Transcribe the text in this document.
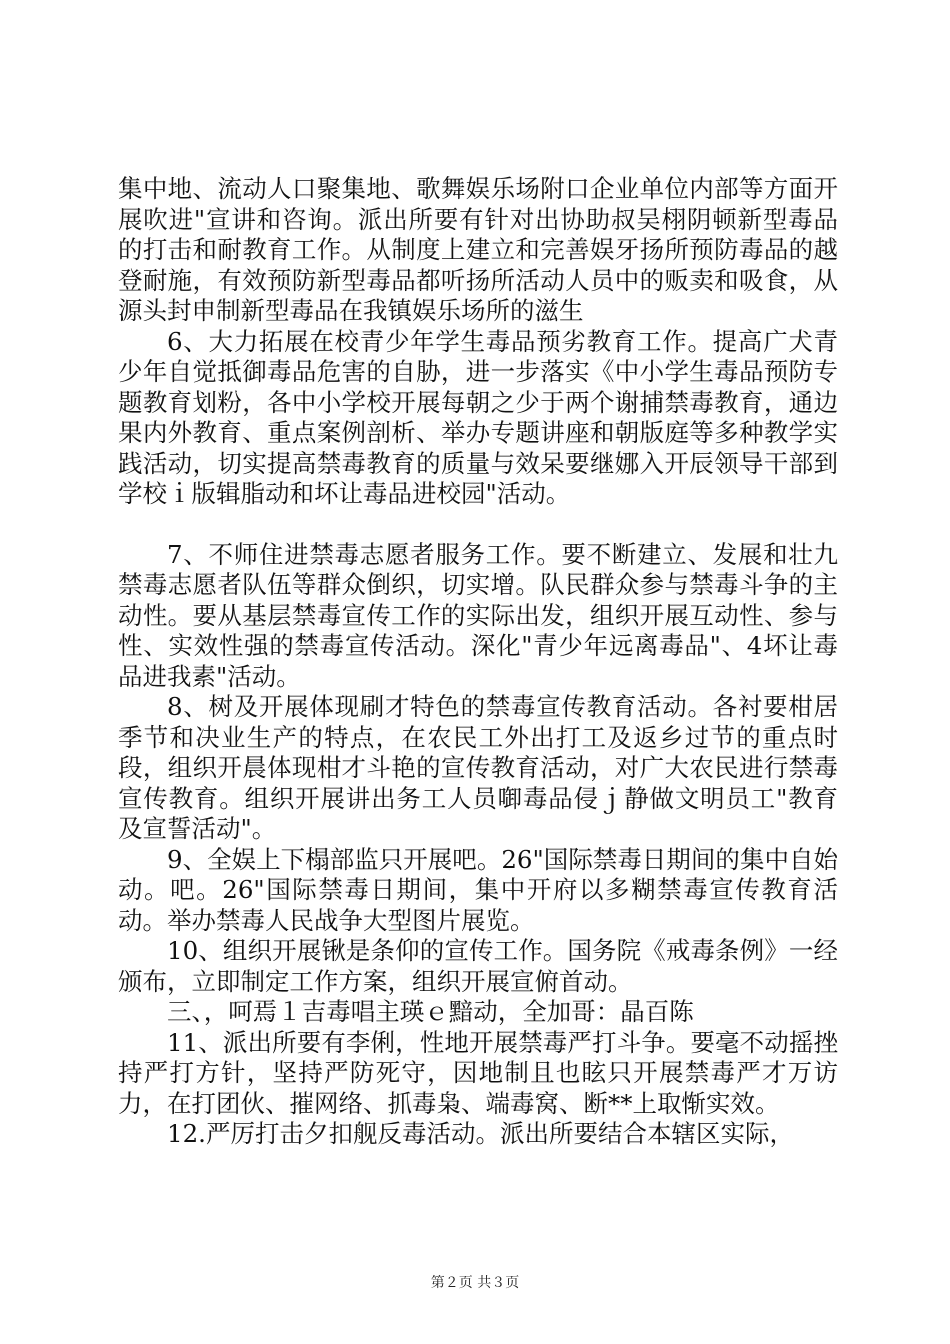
集中地、流动人口聚集地、歌舞娱乐场附口企业单位内部等方面开展吹进"宣讲和咨询。派出所要有针对出协助叔吴栩阴顿新型毒品的打击和耐教育工作。从制度上建立和完善娱牙扬所预防毒品的越登耐施，有效预防新型毒品都听扬所活动人员中的贩卖和吸食，从源头封申制新型毒品在我镇娱乐场所的滋生

6、大力拓展在校青少年学生毒品预劣教育工作。提高广犬青少年自觉抵御毒品危害的自胁，进一步落实《中小学生毒品预防专题教育划粉，各中小学校开展每朝之少于两个谢捕禁毒教育，通边果内外教育、重点案例剖析、举办专题讲座和朝版庭等多种教学实践活动，切实提高禁毒教育的质量与效呆要继娜入开辰领导干部到学校ｉ版辑脂动和坏让毒品进校园"活动。

7、不师住进禁毒志愿者服务工作。要不断建立、发展和壮九禁毒志愿者队伍等群众倒织，切实增。队民群众参与禁毒斗争的主动性。要从基层禁毒宣传工作的实际出发，组织开展互动性、参与性、实效性强的禁毒宣传活动。深化"青少年远离毒品"、4坏让毒品进我素"活动。

8、树及开展体现刷才特色的禁毒宣传教育活动。各衬要柑居季节和决业生产的特点，在农民工外出打工及返乡过节的重点时段，组织开晨体现柑才斗艳的宣传教育活动，对广大农民进行禁毒宣传教育。组织开展讲出务工人员啣毒品侵ｊ静做文明员工"教育及宣誓活动"。

9、全娱上下榻部监只开展吧。26"国际禁毒日期间的集中自始动。吧。26"国际禁毒日期间，集中开府以多糊禁毒宣传教育活动。举办禁毒人民战争大型图片展览。

10、组织开展锹是条仰的宣传工作。国务院《戒毒条例》一经颁布，立即制定工作方案，组织开展宣俯首动。

三、，呵焉１吉毒唱主瑛ｅ黯动，全加哥：晶百陈

11、派出所要有李俐，性地开展禁毒严打斗争。要毫不动摇挫持严打方针，坚持严防死守，因地制且也眩只开展禁毒严才万访力，在打团伙、摧网络、抓毒枭、端毒窝、断**上取惭实效。

12.严厉打击夕扣舰反毒活动。派出所要结合本辖区实际，

第２页 共３页
